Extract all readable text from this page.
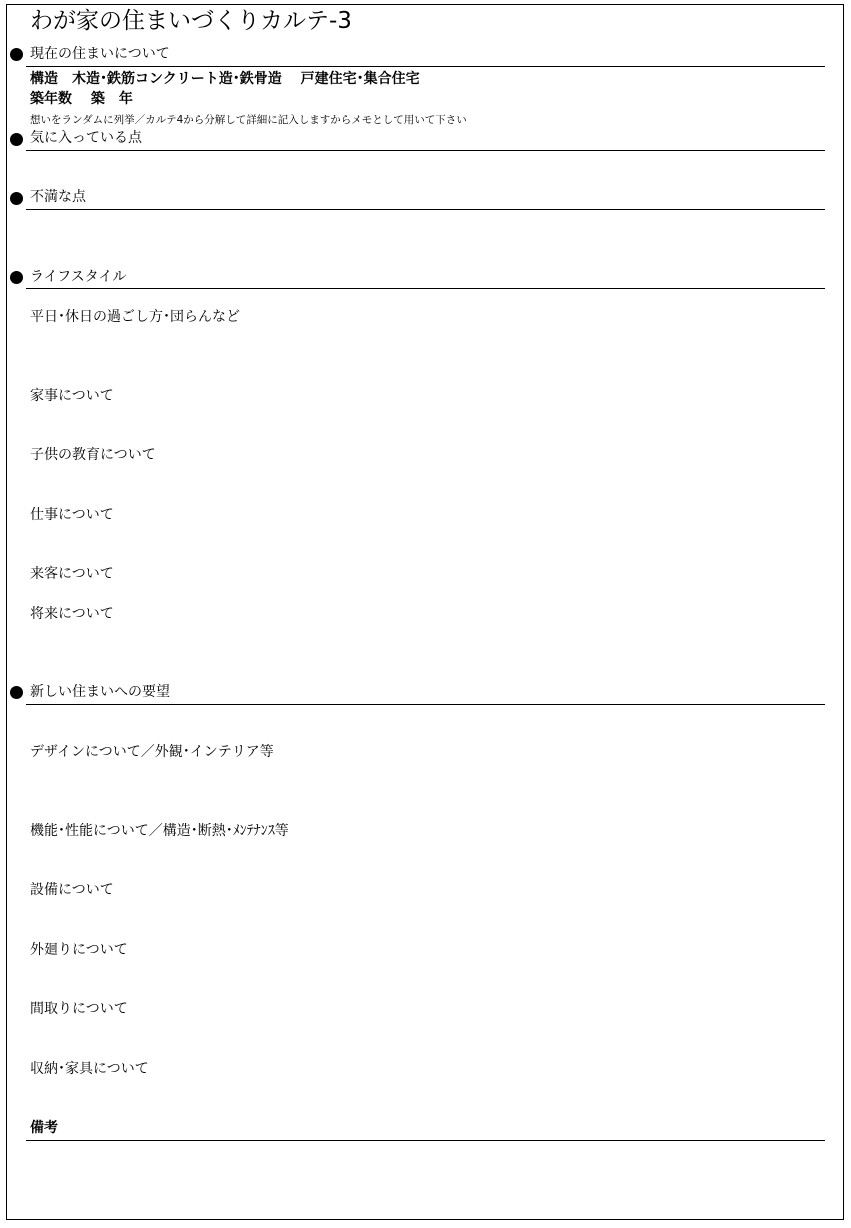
わが家の住まいづくりカルテ-3
現在の住まいについて
構造　木造･鉄筋コンクリート造･鉄骨造　 戸建住宅･集合住宅
築年数　 築　年
想いをランダムに列挙／カルテ4から分解して詳細に記入しますからメモとして用いて下さい
気に入っている点
不満な点
ライフスタイル
平日･休日の過ごし方･団らんなど
家事について
子供の教育について
仕事について
来客について
将来について
新しい住まいへの要望
デザインについて／外観･インテリア等
機能･性能について／構造･断熱･ﾒﾝﾃﾅﾝｽ等
設備について
外廻りについて
間取りについて
収納･家具について
備考
